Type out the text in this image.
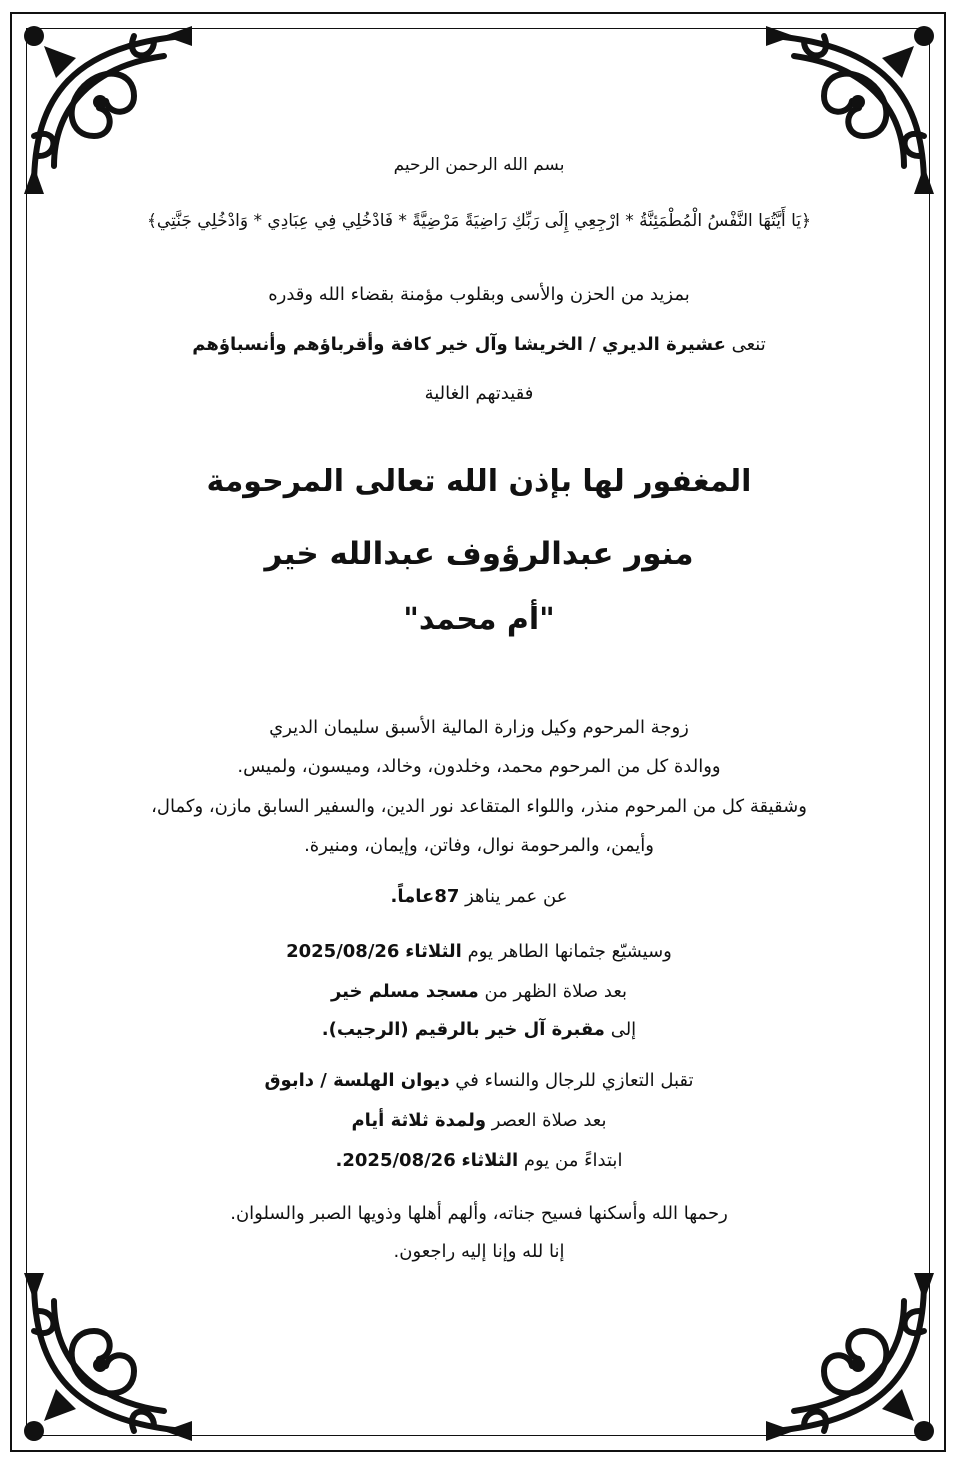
بسم الله الرحمن الرحيم
﴿يَا أَيَّتُهَا النَّفْسُ الْمُطْمَئِنَّةُ * ارْجِعِي إِلَى رَبِّكِ رَاضِيَةً مَرْضِيَّةً * فَادْخُلِي فِي عِبَادِي * وَادْخُلِي جَنَّتِي﴾
بمزيد من الحزن والأسى وبقلوب مؤمنة بقضاء الله وقدره
تنعى عشيرة الديري / الخريشا وآل خير كافة وأقرباؤهم وأنسباؤهم
فقيدتهم الغالية
المغفور لها بإذن الله تعالى المرحومة
منور عبدالرؤوف عبدالله خير
"أم محمد"
زوجة المرحوم وكيل وزارة المالية الأسبق سليمان الديري
ووالدة كل من المرحوم محمد، وخلدون، وخالد، وميسون، ولميس.
وشقيقة كل من المرحوم منذر، واللواء المتقاعد نور الدين، والسفير السابق مازن، وكمال،
وأيمن، والمرحومة نوال، وفاتن، وإيمان، ومنيرة.
عن عمر يناهز 87عاماً.
وسيشيّع جثمانها الطاهر يوم الثلاثاء 2025/08/26
بعد صلاة الظهر من مسجد مسلم خير
إلى مقبرة آل خير بالرقيم (الرجيب).
تقبل التعازي للرجال والنساء في ديوان الهلسة / دابوق
بعد صلاة العصر ولمدة ثلاثة أيام
ابتداءً من يوم الثلاثاء 2025/08/26.
رحمها الله وأسكنها فسيح جناته، وألهم أهلها وذويها الصبر والسلوان.
إنا لله وإنا إليه راجعون.
